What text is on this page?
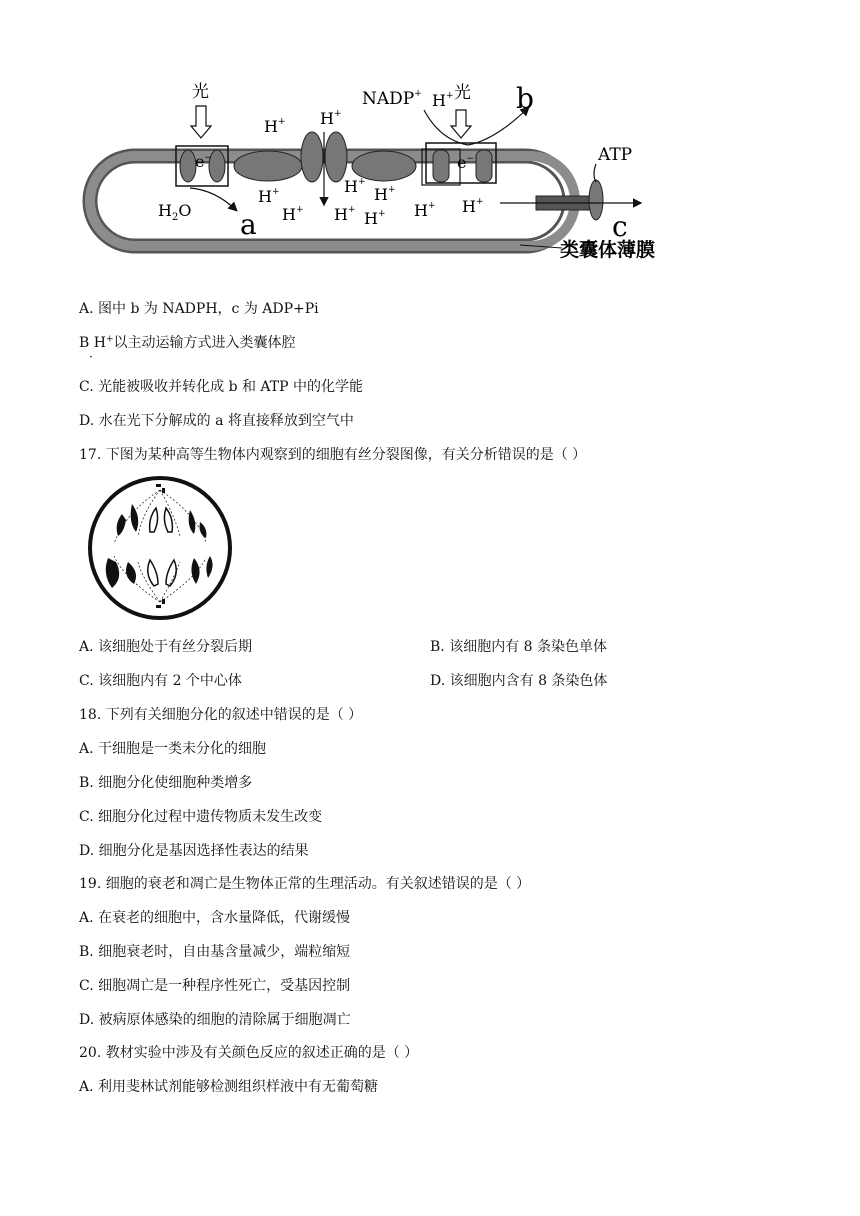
e−	e−
光	光
NADP+ H+ b
H+ H+
H+
H+
H+
H+
H+ H+ H+ H+
$H_2O$ a
ATP
c
类囊体薄膜
A. 图中 b 为 NADPH，c 为 ADP+Pi
B H+以主动运输方式进入类囊体腔
·
C. 光能被吸收并转化成 b 和 ATP 中的化学能
D. 水在光下分解成的 a 将直接释放到空气中
17. 下图为某种高等生物体内观察到的细胞有丝分裂图像，有关分析错误的是（ ）
A. 该细胞处于有丝分裂后期	B. 该细胞内有 8 条染色单体
C. 该细胞内有 2 个中心体	D. 该细胞内含有 8 条染色体
18. 下列有关细胞分化的叙述中错误的是（ ）
A. 干细胞是一类未分化的细胞
B. 细胞分化使细胞种类增多
C. 细胞分化过程中遗传物质未发生改变
D. 细胞分化是基因选择性表达的结果
19. 细胞的衰老和凋亡是生物体正常的生理活动。有关叙述错误的是（ ）
A. 在衰老的细胞中，含水量降低，代谢缓慢
B. 细胞衰老时，自由基含量减少，端粒缩短
C. 细胞凋亡是一种程序性死亡，受基因控制
D. 被病原体感染的细胞的清除属于细胞凋亡
20. 教材实验中涉及有关颜色反应的叙述正确的是（ ）
A. 利用斐林试剂能够检测组织样液中有无葡萄糖
